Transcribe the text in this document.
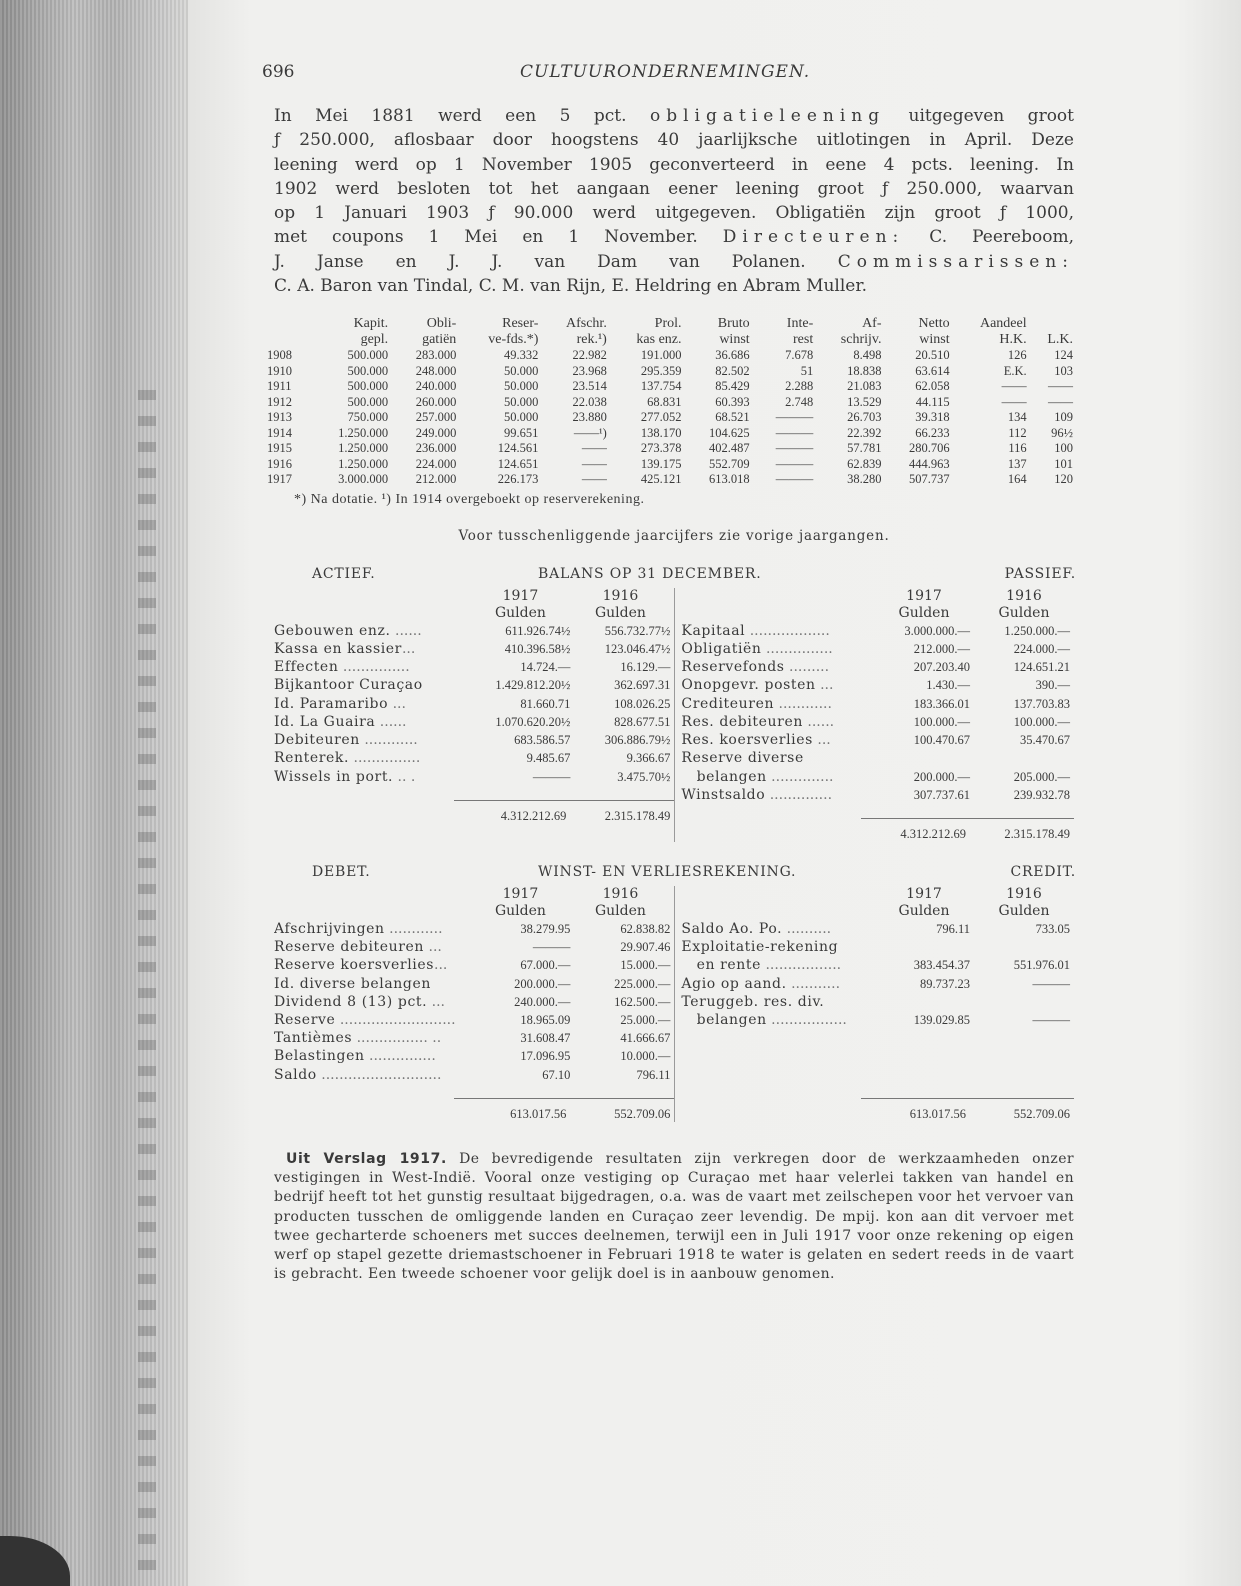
696	CULTUURONDERNEMINGEN.
In Mei 1881 werd een 5 pct. obligatieleening uitgegeven groot
ƒ 250.000, aflosbaar door hoogstens 40 jaarlijksche uitlotingen in April. Deze
leening werd op 1 November 1905 geconverteerd in eene 4 pcts. leening. In
1902 werd besloten tot het aangaan eener leening groot ƒ 250.000, waarvan
op 1 Januari 1903 ƒ 90.000 werd uitgegeven. Obligatiën zijn groot ƒ 1000,
met coupons 1 Mei en 1 November. Directeuren: C. Peereboom,
J. Janse en J. J. van Dam van Polanen. Commissarissen:
C. A. Baron van Tindal, C. M. van Rijn, E. Heldring en Abram Muller.
	Kapit.	Obli-	Reser-	Afschr.	Prol.	Bruto	Inte-	Af-	Netto	Aandeel	
	gepl.	gatiën	ve-fds.*)	rek.¹)	kas enz.	winst	rest	schrijv.	winst	H.K.	L.K.
1908	500.000	283.000	49.332	22.982	191.000	36.686	7.678	8.498	20.510	126	124
1910	500.000	248.000	50.000	23.968	295.359	82.502	51	18.838	63.614	E.K.	103
1911	500.000	240.000	50.000	23.514	137.754	85.429	2.288	21.083	62.058	——	——
1912	500.000	260.000	50.000	22.038	68.831	60.393	2.748	13.529	44.115	——	——
1913	750.000	257.000	50.000	23.880	277.052	68.521	———	26.703	39.318	134	109
1914	1.250.000	249.000	99.651	——¹)	138.170	104.625	———	22.392	66.233	112	96½
1915	1.250.000	236.000	124.561	——	273.378	402.487	———	57.781	280.706	116	100
1916	1.250.000	224.000	124.651	——	139.175	552.709	———	62.839	444.963	137	101
1917	3.000.000	212.000	226.173	——	425.121	613.018	———	38.280	507.737	164	120
*) Na dotatie. ¹) In 1914 overgeboekt op reserverekening.
Voor tusschenliggende jaarcijfers zie vorige jaargangen.
ACTIEF.	BALANS OP 31 DECEMBER.	PASSIEF.
1917	1916
Gulden	Gulden
Gebouwen enz. ......	611.926.74½	556.732.77½
Kassa en kassier...	410.396.58½	123.046.47½
Effecten ...............	14.724.—	16.129.—
Bijkantoor Curaçao	1.429.812.20½	362.697.31
Id. Paramaribo ...	81.660.71	108.026.25
Id. La Guaira ......	1.070.620.20½	828.677.51
Debiteuren ............	683.586.57	306.886.79½
Renterek. ...............	9.485.67	9.366.67
Wissels in port. .. .	———	3.475.70½
4.312.212.69	2.315.178.49
1917	1916
Gulden	Gulden
Kapitaal ..................	3.000.000.—	1.250.000.—
Obligatiën ...............	212.000.—	224.000.—
Reservefonds .........	207.203.40	124.651.21
Onopgevr. posten ...	1.430.—	390.—
Crediteuren ............	183.366.01	137.703.83
Res. debiteuren ......	100.000.—	100.000.—
Res. koersverlies ...	100.470.67	35.470.67
Reserve diverse
belangen ..............	200.000.—	205.000.—
Winstsaldo ..............	307.737.61	239.932.78
4.312.212.69	2.315.178.49
DEBET.	WINST- EN VERLIESREKENING.	CREDIT.
1917	1916
Gulden	Gulden
Afschrijvingen ............	38.279.95	62.838.82
Reserve debiteuren ...	———	29.907.46
Reserve koersverlies...	67.000.—	15.000.—
Id. diverse belangen	200.000.—	225.000.—
Dividend 8 (13) pct. ...	240.000.—	162.500.—
Reserve ..........................	18.965.09	25.000.—
Tantièmes ................ ..	31.608.47	41.666.67
Belastingen ...............	17.096.95	10.000.—
Saldo ...........................	67.10	796.11
613.017.56	552.709.06
1917	1916
Gulden	Gulden
Saldo Ao. Po. ..........	796.11	733.05
Exploitatie-rekening
en rente .................	383.454.37	551.976.01
Agio op aand. ...........	89.737.23	———
Teruggeb. res. div.
belangen .................	139.029.85	———
613.017.56	552.709.06
Uit Verslag 1917. De bevredigende resultaten zijn verkregen door de werkzaamheden onzer vestigingen in West-Indië. Vooral onze vestiging op Curaçao met haar velerlei takken van handel en bedrijf heeft tot het gunstig resultaat bijgedragen, o.a. was de vaart met zeilschepen voor het vervoer van producten tusschen de omliggende landen en Curaçao zeer levendig. De mpij. kon aan dit vervoer met twee gecharterde schoeners met succes deelnemen, terwijl een in Juli 1917 voor onze rekening op eigen werf op stapel gezette driemastschoener in Februari 1918 te water is gelaten en sedert reeds in de vaart is gebracht. Een tweede schoener voor gelijk doel is in aanbouw genomen.
